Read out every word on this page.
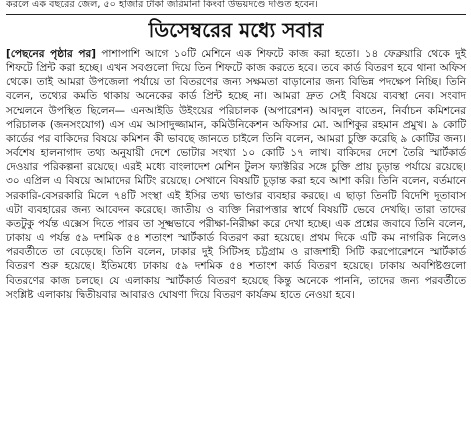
করলে এক বছরের জেল, ৫০ হাজার টাকা জরিমানা কিংবা উভয়দণ্ডে দণ্ডিত হবেন।
ডিসেম্বরের মধ্যে সবার

[পেছনের পৃষ্ঠার পর] পাশাপাশি আগে ১০টি মেশিনে এক শিফটে কাজ করা হতো। ১৪ ফেব্রুয়ারি থেকে দুই শিফটে প্রিন্ট করা হচ্ছে। এখন সবগুলো দিয়ে তিন শিফটে কাজ করতে হবে। তবে কার্ড বিতরণ হবে থানা অফিস থেকে। তাই আমরা উপজেলা পর্যায়ে তা বিতরণের জন্য সক্ষমতা বাড়ানোর জন্য বিভিন্ন পদক্ষেপ নিচ্ছি। তিনি বলেন, তথ্যের কমতি থাকায় অনেকের কার্ড প্রিন্ট হচ্ছে না। আমরা দ্রুত সেই বিষয়ে ব্যবস্থা নেব। সংবাদ সম্মেলনে উপস্থিত ছিলেন— এনআইডি উইংয়ের পরিচালক (অপারেশন) আবদুল বাতেন, নির্বাচন কমিশনের পরিচালক (জনসংযোগ) এস এম আসাদুজ্জামান, কমিউনিকেশন অফিসার মো. আশিকুর রহমান প্রমুখ। ৯ কোটি কার্ডের পর বাকিদের বিষয়ে কমিশন কী ভাবছে জানতে চাইলে তিনি বলেন, আমরা চুক্তি করেছি ৯ কোটির জন্য। সর্বশেষ হালনাগাদ তথ্য অনুযায়ী দেশে ভোটার সংখ্যা ১০ কোটি ১৭ লাখ। বাকিদের দেশে তৈরি স্মার্টকার্ড দেওয়ার পরিকল্পনা রয়েছে। এরই মধ্যে বাংলাদেশ মেশিন টুলস ফ্যাক্টরির সঙ্গে চুক্তি প্রায় চূড়ান্ত পর্যায়ে রয়েছে। ৩০ এপ্রিল এ বিষয়ে আমাদের মিটিং রয়েছে। সেখানে বিষয়টি চূড়ান্ত করা হবে আশা করি। তিনি বলেন, বর্তমানে সরকারি-বেসরকারি মিলে ৭৪টি সংস্থা এই ইসির তথ্য ভাণ্ডার ব্যবহার করছে। এ ছাড়া তিনটি বিদেশি দূতাবাস এটা ব্যবহারের জন্য আবেদন করেছে। জাতীয় ও ব্যক্তি নিরাপত্তার স্বার্থে বিষয়টি ভেবে দেখছি। তারা তাদের কতটুকু পর্যন্ত এক্সেস দিতে পারব তা সূক্ষ্মভাবে পরীক্ষা-নিরীক্ষা করে দেখা হচ্ছে। এক প্রশ্নের জবাবে তিনি বলেন, ঢাকায় এ পর্যন্ত ৫৯ দশমিক ৫৪ শতাংশ স্মার্টকার্ড বিতরণ করা হয়েছে। প্রথম দিকে এটি কম নাগরিক নিলেও পরবর্তীতে তা বেড়েছে। তিনি বলেন, ঢাকার দুই সিটিসহ চট্টগ্রাম ও রাজশাহী সিটি করপোরেশনে স্মার্টকার্ড বিতরণ শুরু হয়েছে। ইতিমধ্যে ঢাকায় ৫৯ দশমিক ৫৪ শতাংশ কার্ড বিতরণ হয়েছে। ঢাকায় অবশিষ্টগুলো বিতরণের কাজ চলছে। যে এলাকায় স্মার্টকার্ড বিতরণ হয়েছে কিন্তু অনেকে পাননি, তাদের জন্য পরবর্তীতে সংশ্লিষ্ট এলাকায় দ্বিতীয়বার আবারও ঘোষণা দিয়ে বিতরণ কার্যক্রম হাতে নেওয়া হবে।
